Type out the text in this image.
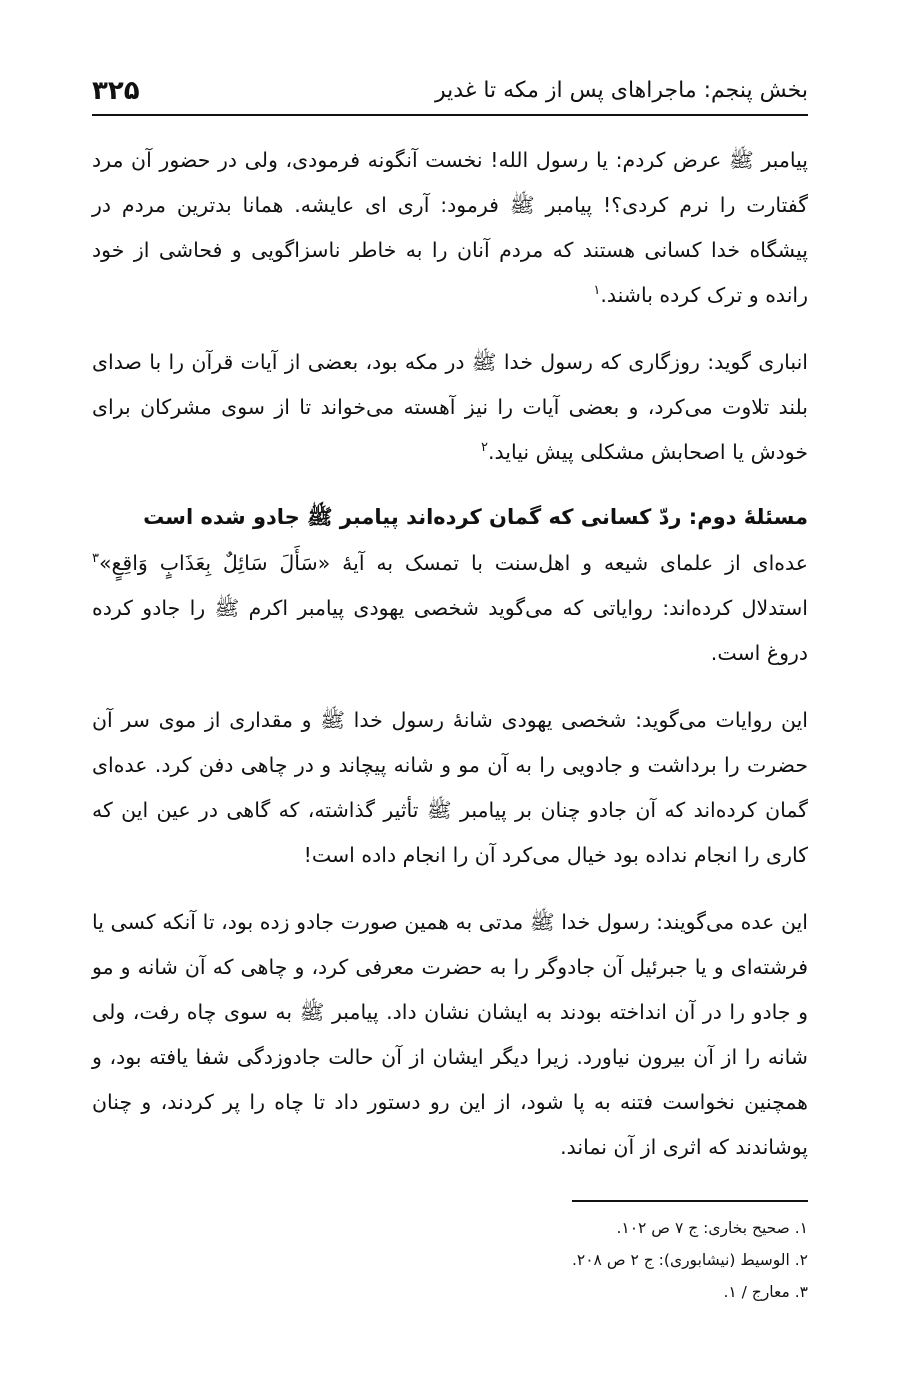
بخش پنجم: ماجراهای پس از مکه تا غدیر
۳۲۵

پیامبر ﷺ عرض کردم: یا رسول الله! نخست آنگونه فرمودی، ولی در حضور آن مرد گفتارت را نرم کردی؟! پیامبر ﷺ فرمود: آری ای عایشه. همانا بدترین مردم در پیشگاه خدا کسانی هستند که مردم آنان را به خاطر ناسزاگویی و فحاشی از خود رانده و ترک کرده باشند.$^۱$

انباری گوید: روزگاری که رسول خدا ﷺ در مکه بود، بعضی از آیات قرآن را با صدای بلند تلاوت می‌کرد، و بعضی آیات را نیز آهسته می‌خواند تا از سوی مشرکان برای خودش یا اصحابش مشکلی پیش نیاید.$^۲$

مسئلهٔ دوم: ردّ کسانی که گمان کرده‌اند پیامبر ﷺ جادو شده است

عده‌ای از علمای شیعه و اهل‌سنت با تمسک به آیهٔ «سَأَلَ سَائِلٌ بِعَذَابٍ وَاقِعٍ»$^۳$ استدلال کرده‌اند: روایاتی که می‌گوید شخصی یهودی پیامبر اکرم ﷺ را جادو کرده دروغ است.

این روایات می‌گوید: شخصی یهودی شانهٔ رسول خدا ﷺ و مقداری از موی سر آن حضرت را برداشت و جادویی را به آن مو و شانه پیچاند و در چاهی دفن کرد. عده‌ای گمان کرده‌اند که آن جادو چنان بر پیامبر ﷺ تأثیر گذاشته، که گاهی در عین این که کاری را انجام نداده بود خیال می‌کرد آن را انجام داده است!

این عده می‌گویند: رسول خدا ﷺ مدتی به همین صورت جادو زده بود، تا آنکه کسی یا فرشته‌ای و یا جبرئیل آن جادوگر را به حضرت معرفی کرد، و چاهی که آن شانه و مو و جادو را در آن انداخته بودند به ایشان نشان داد. پیامبر ﷺ به سوی چاه رفت، ولی شانه را از آن بیرون نیاورد. زیرا دیگر ایشان از آن حالت جادوزدگی شفا یافته بود، و همچنین نخواست فتنه به پا شود، از این رو دستور داد تا چاه را پر کردند، و چنان پوشاندند که اثری از آن نماند.

۱. صحیح بخاری: ج ۷ ص ۱۰۲.

۲. الوسیط (نیشابوری): ج ۲ ص ۲۰۸.

۳. معارج / ۱.
